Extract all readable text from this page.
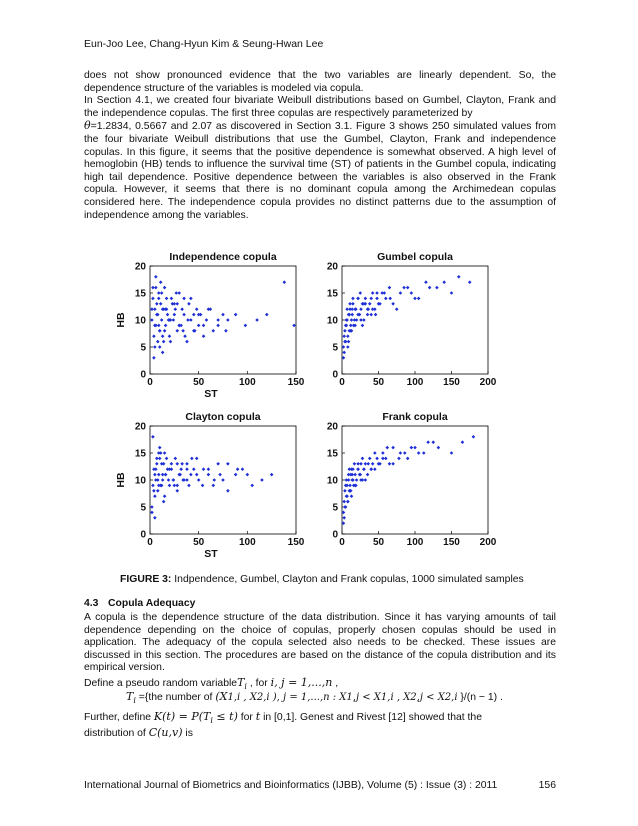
Eun-Joo Lee, Chang-Hyun Kim & Seung-Hwan Lee

does not show pronounced evidence that the two variables are linearly dependent. So, the dependence structure of the variables is modeled via copula.

In Section 4.1, we created four bivariate Weibull distributions based on Gumbel, Clayton, Frank and the independence copulas. The first three copulas are respectively parameterized by
θ=1.2834, 0.5667 and 2.07 as discovered in Section 3.1. Figure 3 shows 250 simulated values from the four bivariate Weibull distributions that use the Gumbel, Clayton, Frank and independence copulas. In this figure, it seems that the positive dependence is somewhat observed. A high level of hemoglobin (HB) tends to influence the survival time (ST) of patients in the Gumbel copula, indicating high tail dependence. Positive dependence between the variables is also observed in the Frank copula. However, it seems that there is no dominant copula among the Archimedean copulas considered here. The independence copula provides no distinct patterns due to the assumption of independence among the variables.

Independence copula
0	50	100	150
0
5
10
15
20
ST
HB
Gumbel copula
0	50 100 150 200
0
5
10
15
20
Clayton copula
0	50	100	150
0
5
10
15
20
ST
HB
Frank copula
0	50 100 150 200
0
5
10
15
20
FIGURE 3: Indpendence, Gumbel, Clayton and Frank copulas, 1000 simulated samples
4.3 Copula Adequacy
A copula is the dependence structure of the data distribution. Since it has varying amounts of tail dependence depending on the choice of copulas, properly chosen copulas should be used in application. The adequacy of the copula selected also needs to be checked. These issues are discussed in this section. The procedures are based on the distance of the copula distribution and its empirical version.
Define a pseudo random variableT$_i$ , for i, j = 1,...,n ,
$T_i =\{the$ number of (X1,i , X2,i ), j = 1,...,n : X1,j < X1,i , X2,j < X2,i }/(n − 1) .
Further, define $K(t) = P(T_i \le t)$ for t in [0,1]. Genest and Rivest [12] showed that the
distribution of C(u,v) is
International Journal of Biometrics and Bioinformatics (IJBB), Volume (5) : Issue (3) : 2011	156
